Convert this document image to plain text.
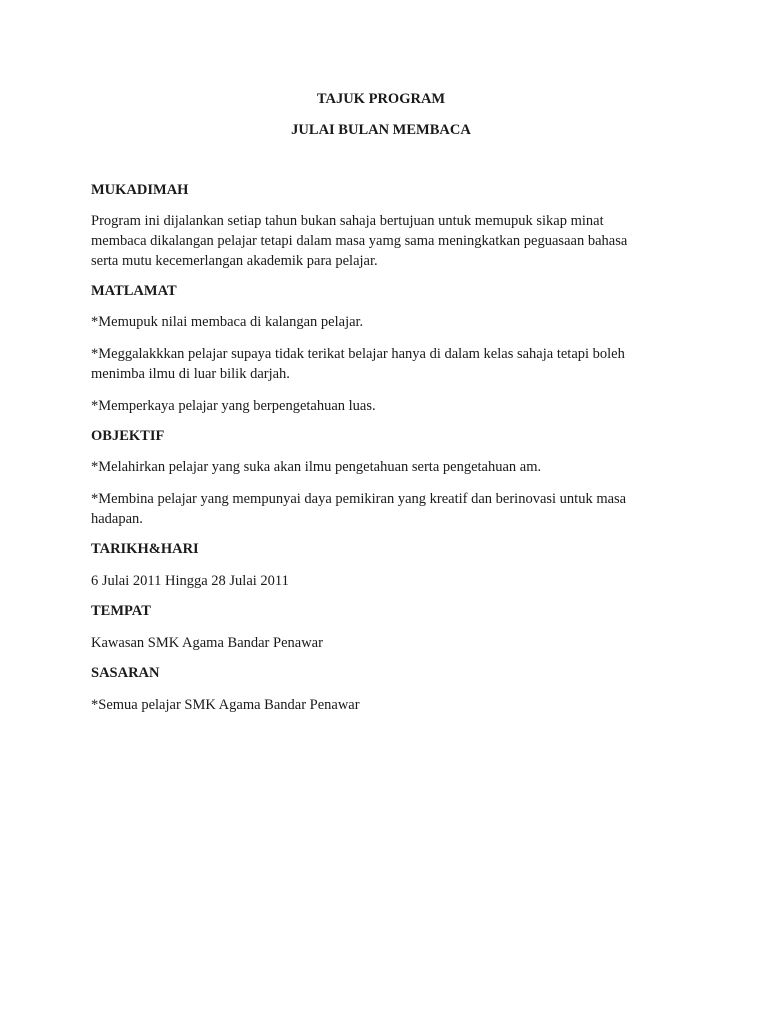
TAJUK PROGRAM

JULAI BULAN MEMBACA

MUKADIMAH

Program ini dijalankan setiap tahun bukan sahaja bertujuan untuk memupuk sikap minat
membaca dikalangan pelajar tetapi dalam masa yamg sama meningkatkan peguasaan bahasa
serta mutu kecemerlangan akademik para pelajar.

MATLAMAT

*Memupuk nilai membaca di kalangan pelajar.

*Meggalakkkan pelajar supaya tidak terikat belajar hanya di dalam kelas sahaja tetapi boleh
menimba ilmu di luar bilik darjah.

*Memperkaya pelajar yang berpengetahuan luas.

OBJEKTIF

*Melahirkan pelajar yang suka akan ilmu pengetahuan serta pengetahuan am.

*Membina pelajar yang mempunyai daya pemikiran yang kreatif dan berinovasi untuk masa
hadapan.

TARIKH&HARI

6 Julai 2011 Hingga 28 Julai 2011

TEMPAT

Kawasan SMK Agama Bandar Penawar

SASARAN

*Semua pelajar SMK Agama Bandar Penawar
